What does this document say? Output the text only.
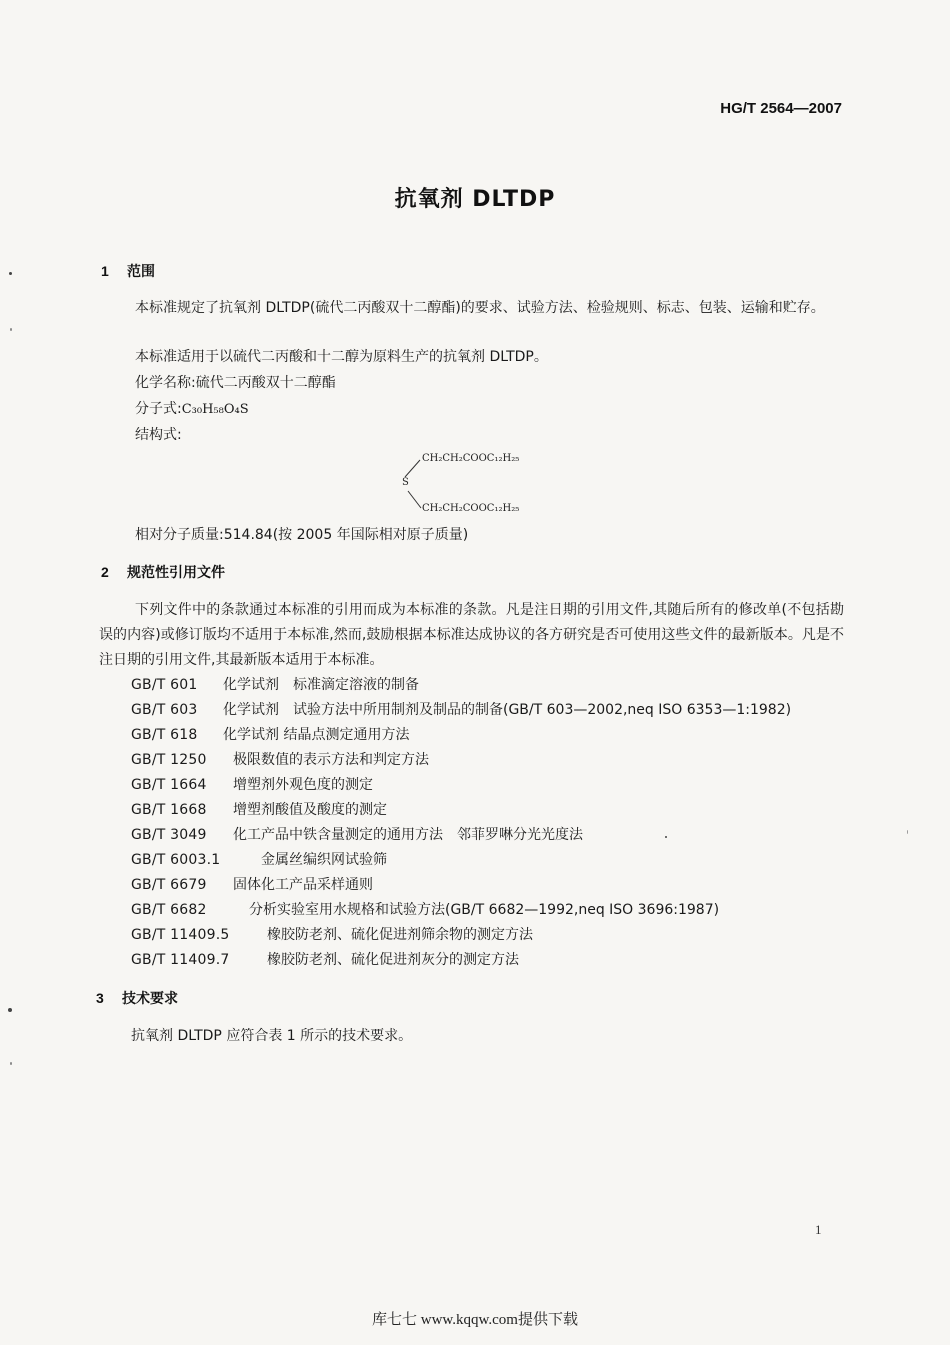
HG/T 2564—2007
抗氧剂 DLTDP
1 范围
本标准规定了抗氧剂 DLTDP(硫代二丙酸双十二醇酯)的要求、试验方法、检验规则、标志、包装、运输和贮存。
本标准适用于以硫代二丙酸和十二醇为原料生产的抗氧剂 DLTDP。
化学名称:硫代二丙酸双十二醇酯
分子式:C₃₀H₅₈O₄S
结构式:
CH₂CH₂COOC₁₂H₂₅
S
CH₂CH₂COOC₁₂H₂₅
相对分子质量:514.84(按 2005 年国际相对原子质量)
2 规范性引用文件
下列文件中的条款通过本标准的引用而成为本标准的条款。凡是注日期的引用文件,其随后所有的修改单(不包括勘误的内容)或修订版均不适用于本标准,然而,鼓励根据本标准达成协议的各方研究是否可使用这些文件的最新版本。凡是不注日期的引用文件,其最新版本适用于本标准。
GB/T 601 化学试剂　标准滴定溶液的制备
GB/T 603 化学试剂　试验方法中所用制剂及制品的制备(GB/T 603—2002,neq ISO 6353—1:1982)
GB/T 618 化学试剂 结晶点测定通用方法
GB/T 1250 极限数值的表示方法和判定方法
GB/T 1664 增塑剂外观色度的测定
GB/T 1668 增塑剂酸值及酸度的测定
GB/T 3049 化工产品中铁含量测定的通用方法　邻菲罗啉分光光度法
GB/T 6003.1	金属丝编织网试验筛
GB/T 6679 固体化工产品采样通则
GB/T 6682	分析实验室用水规格和试验方法(GB/T 6682—1992,neq ISO 3696:1987)
GB/T 11409.5	橡胶防老剂、硫化促进剂筛余物的测定方法
GB/T 11409.7	橡胶防老剂、硫化促进剂灰分的测定方法
3 技术要求
抗氧剂 DLTDP 应符合表 1 所示的技术要求。
1
库七七 www.kqqw.com提供下载
